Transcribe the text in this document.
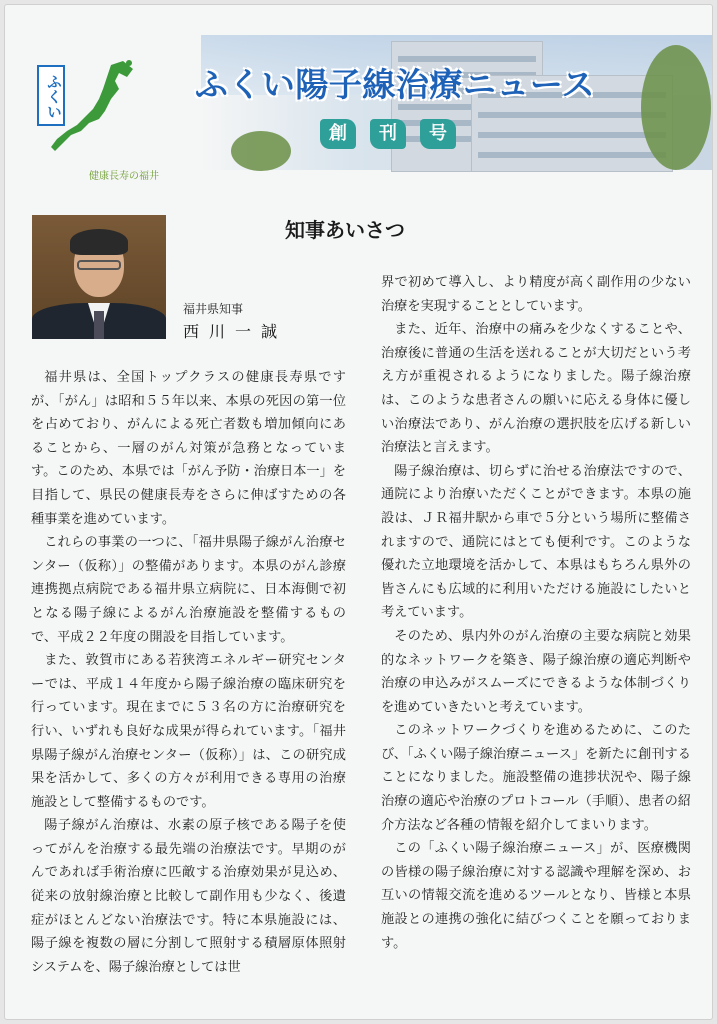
ふくい
健康長寿の福井
ふくい陽子線治療ニュース
創	刊	号
知事あいさつ
福井県知事
西川一誠

福井県は、全国トップクラスの健康長寿県ですが、「がん」は昭和５５年以来、本県の死因の第一位を占めており、がんによる死亡者数も増加傾向にあることから、一層のがん対策が急務となっています。このため、本県では「がん予防・治療日本一」を目指して、県民の健康長寿をさらに伸ばすための各種事業を進めています。

これらの事業の一つに、「福井県陽子線がん治療センター（仮称）」の整備があります。本県のがん診療連携拠点病院である福井県立病院に、日本海側で初となる陽子線によるがん治療施設を整備するもので、平成２２年度の開設を目指しています。

また、敦賀市にある若狭湾エネルギー研究センターでは、平成１４年度から陽子線治療の臨床研究を行っています。現在までに５３名の方に治療研究を行い、いずれも良好な成果が得られています。「福井県陽子線がん治療センター（仮称）」は、この研究成果を活かして、多くの方々が利用できる専用の治療施設として整備するものです。

陽子線がん治療は、水素の原子核である陽子を使ってがんを治療する最先端の治療法です。早期のがんであれば手術治療に匹敵する治療効果が見込め、従来の放射線治療と比較して副作用も少なく、後遺症がほとんどない治療法です。特に本県施設には、陽子線を複数の層に分割して照射する積層原体照射システムを、陽子線治療としては世

界で初めて導入し、より精度が高く副作用の少ない治療を実現することとしています。

また、近年、治療中の痛みを少なくすることや、治療後に普通の生活を送れることが大切だという考え方が重視されるようになりました。陽子線治療は、このような患者さんの願いに応える身体に優しい治療法であり、がん治療の選択肢を広げる新しい治療法と言えます。

陽子線治療は、切らずに治せる治療法ですので、通院により治療いただくことができます。本県の施設は、ＪＲ福井駅から車で５分という場所に整備されますので、通院にはとても便利です。このような優れた立地環境を活かして、本県はもちろん県外の皆さんにも広域的に利用いただける施設にしたいと考えています。

そのため、県内外のがん治療の主要な病院と効果的なネットワークを築き、陽子線治療の適応判断や治療の申込みがスムーズにできるような体制づくりを進めていきたいと考えています。

このネットワークづくりを進めるために、このたび、「ふくい陽子線治療ニュース」を新たに創刊することになりました。施設整備の進捗状況や、陽子線治療の適応や治療のプロトコール（手順）、患者の紹介方法など各種の情報を紹介してまいります。

この「ふくい陽子線治療ニュース」が、医療機関の皆様の陽子線治療に対する認識や理解を深め、お互いの情報交流を進めるツールとなり、皆様と本県施設との連携の強化に結びつくことを願っております。
